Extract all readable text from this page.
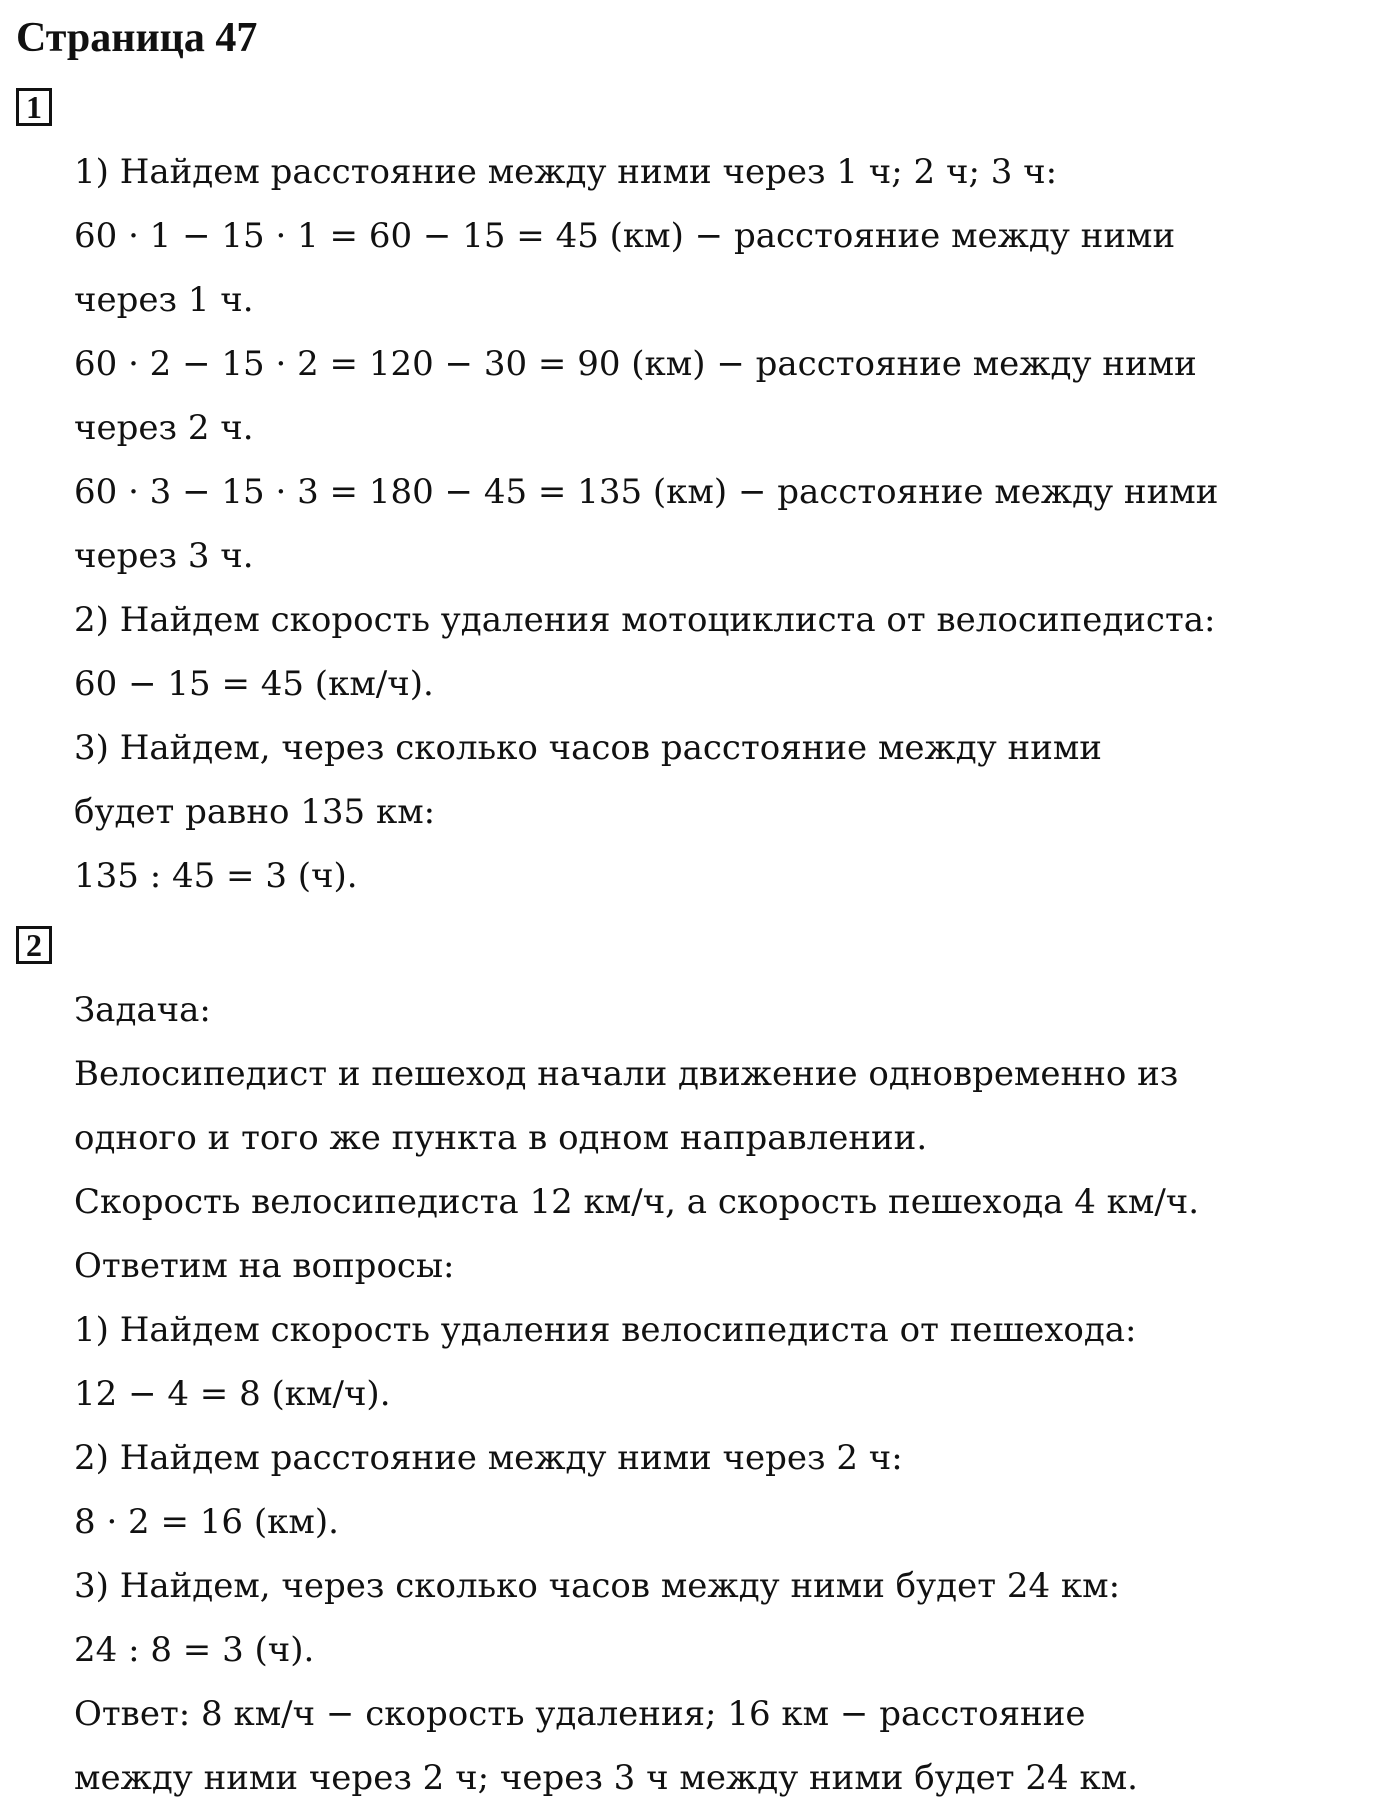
Страница 47
1
1) Найдем расстояние между ними через 1 ч; 2 ч; 3 ч:
60 · 1 − 15 · 1 = 60 − 15 = 45 (км) − расстояние между ними
через 1 ч.
60 · 2 − 15 · 2 = 120 − 30 = 90 (км) − расстояние между ними
через 2 ч.
60 · 3 − 15 · 3 = 180 − 45 = 135 (км) − расстояние между ними
через 3 ч.
2) Найдем скорость удаления мотоциклиста от велосипедиста:
60 − 15 = 45 (км/ч).
3) Найдем, через сколько часов расстояние между ними
будет равно 135 км:
135 : 45 = 3 (ч).
2
Задача:
Велосипедист и пешеход начали движение одновременно из
одного и того же пункта в одном направлении.
Скорость велосипедиста 12 км/ч, а скорость пешехода 4 км/ч.
Ответим на вопросы:
1) Найдем скорость удаления велосипедиста от пешехода:
12 − 4 = 8 (км/ч).
2) Найдем расстояние между ними через 2 ч:
8 · 2 = 16 (км).
3) Найдем, через сколько часов между ними будет 24 км:
24 : 8 = 3 (ч).
Ответ: 8 км/ч − скорость удаления; 16 км − расстояние
между ними через 2 ч; через 3 ч между ними будет 24 км.
